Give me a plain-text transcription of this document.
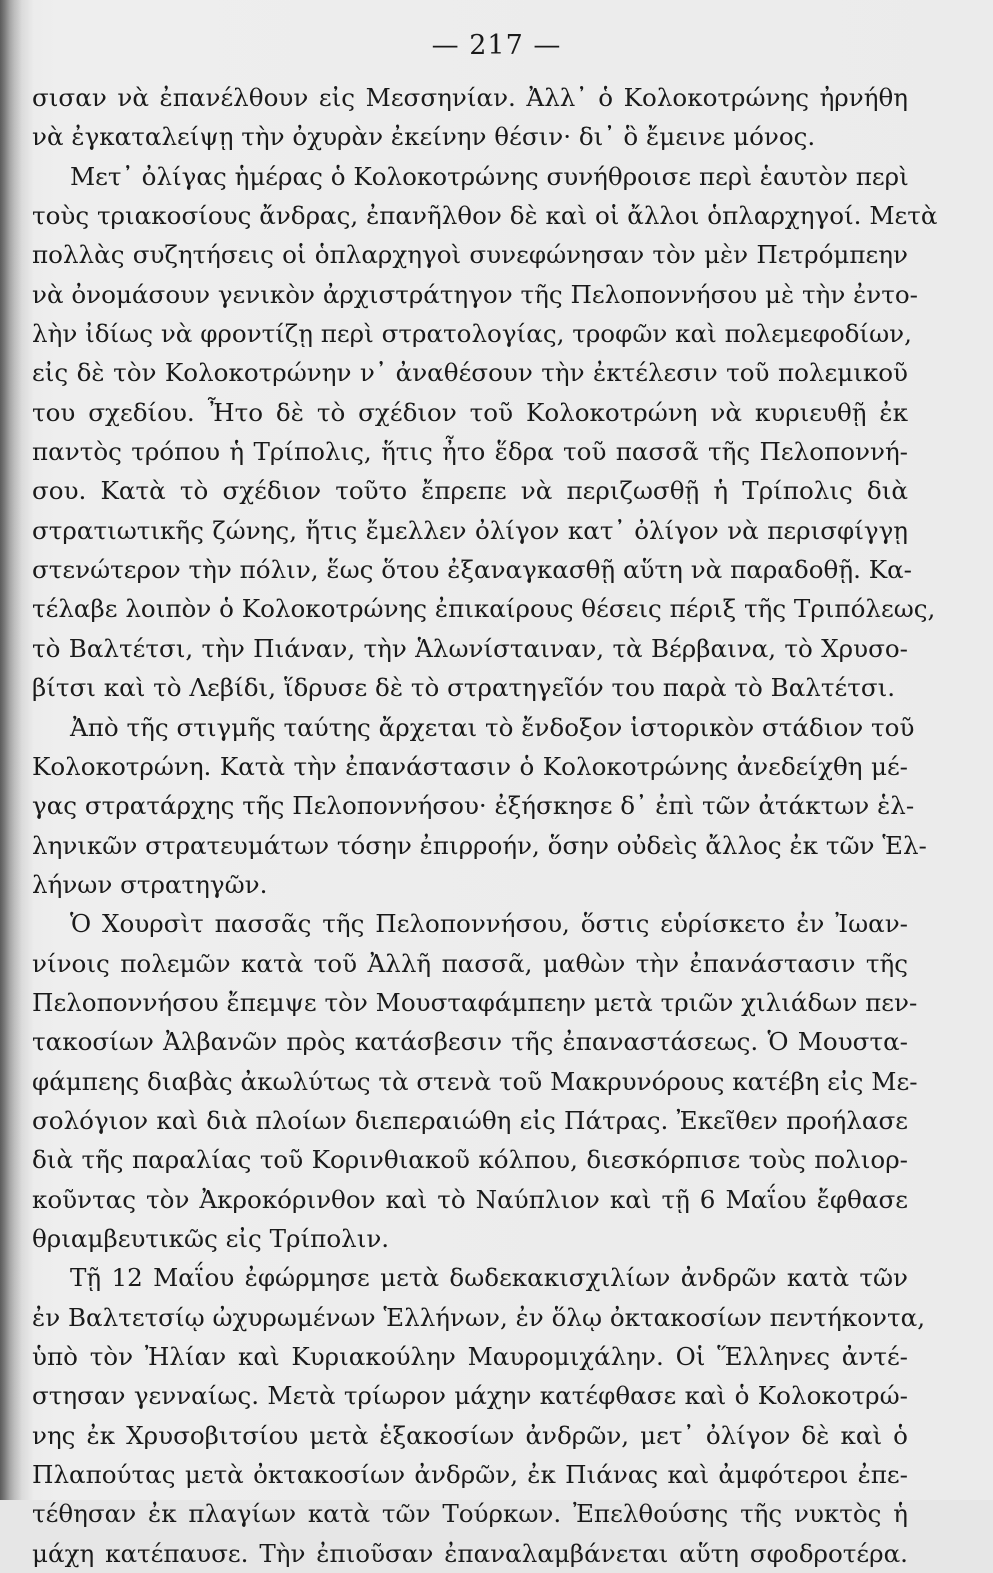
— 217 —
σισαν νὰ ἐπανέλθουν εἰς Μεσσηνίαν. Ἀλλ᾽ ὁ Κολοκοτρώνης ἠρνήθη
νὰ ἐγκαταλείψῃ τὴν ὀχυρὰν ἐκείνην θέσιν· δι᾽ ὃ ἔμεινε μόνος.
Μετ᾽ ὀλίγας ἡμέρας ὁ Κολοκοτρώνης συνήθροισε περὶ ἑαυτὸν περὶ
τοὺς τριακοσίους ἄνδρας, ἐπανῆλθον δὲ καὶ οἱ ἄλλοι ὁπλαρχηγοί. Μετὰ
πολλὰς συζητήσεις οἱ ὁπλαρχηγοὶ συνεφώνησαν τὸν μὲν Πετρόμπεην
νὰ ὀνομάσουν γενικὸν ἀρχιστράτηγον τῆς Πελοποννήσου μὲ τὴν ἐντο-
λὴν ἰδίως νὰ φροντίζῃ περὶ στρατολογίας, τροφῶν καὶ πολεμεφοδίων,
εἰς δὲ τὸν Κολοκοτρώνην ν᾽ ἀναθέσουν τὴν ἐκτέλεσιν τοῦ πολεμικοῦ
του σχεδίου. Ἦτο δὲ τὸ σχέδιον τοῦ Κολοκοτρώνη νὰ κυριευθῇ ἐκ
παντὸς τρόπου ἡ Τρίπολις, ἥτις ἦτο ἕδρα τοῦ πασσᾶ τῆς Πελοποννή-
σου. Κατὰ τὸ σχέδιον τοῦτο ἔπρεπε νὰ περιζωσθῇ ἡ Τρίπολις διὰ
στρατιωτικῆς ζώνης, ἥτις ἔμελλεν ὀλίγον κατ᾽ ὀλίγον νὰ περισφίγγῃ
στενώτερον τὴν πόλιν, ἕως ὅτου ἐξαναγκασθῇ αὕτη νὰ παραδοθῇ. Κα-
τέλαβε λοιπὸν ὁ Κολοκοτρώνης ἐπικαίρους θέσεις πέριξ τῆς Τριπόλεως,
τὸ Βαλτέτσι, τὴν Πιάναν, τὴν Ἁλωνίσταιναν, τὰ Βέρβαινα, τὸ Χρυσο-
βίτσι καὶ τὸ Λεβίδι, ἵδρυσε δὲ τὸ στρατηγεῖόν του παρὰ τὸ Βαλτέτσι.
Ἀπὸ τῆς στιγμῆς ταύτης ἄρχεται τὸ ἔνδοξον ἱστορικὸν στάδιον τοῦ
Κολοκοτρώνη. Κατὰ τὴν ἐπανάστασιν ὁ Κολοκοτρώνης ἀνεδείχθη μέ-
γας στρατάρχης τῆς Πελοποννήσου· ἐξήσκησε δ᾽ ἐπὶ τῶν ἀτάκτων ἑλ-
ληνικῶν στρατευμάτων τόσην ἐπιρροήν, ὅσην οὐδεὶς ἄλλος ἐκ τῶν Ἑλ-
λήνων στρατηγῶν.
Ὁ Χουρσὶτ πασσᾶς τῆς Πελοποννήσου, ὅστις εὑρίσκετο ἐν Ἰωαν-
νίνοις πολεμῶν κατὰ τοῦ Ἀλλῆ πασσᾶ, μαθὼν τὴν ἐπανάστασιν τῆς
Πελοποννήσου ἔπεμψε τὸν Μουσταφάμπεην μετὰ τριῶν χιλιάδων πεν-
τακοσίων Ἀλβανῶν πρὸς κατάσβεσιν τῆς ἐπαναστάσεως. Ὁ Μουστα-
φάμπεης διαβὰς ἀκωλύτως τὰ στενὰ τοῦ Μακρυνόρους κατέβη εἰς Με-
σολόγιον καὶ διὰ πλοίων διεπεραιώθη εἰς Πάτρας. Ἐκεῖθεν προήλασε
διὰ τῆς παραλίας τοῦ Κορινθιακοῦ κόλπου, διεσκόρπισε τοὺς πολιορ-
κοῦντας τὸν Ἀκροκόρινθον καὶ τὸ Ναύπλιον καὶ τῇ 6 Μαΐου ἔφθασε
θριαμβευτικῶς εἰς Τρίπολιν.
Τῇ 12 Μαΐου ἐφώρμησε μετὰ δωδεκακισχιλίων ἀνδρῶν κατὰ τῶν
ἐν Βαλτετσίῳ ὠχυρωμένων Ἑλλήνων, ἐν ὅλῳ ὀκτακοσίων πεντήκοντα,
ὑπὸ τὸν Ἠλίαν καὶ Κυριακούλην Μαυρομιχάλην. Οἱ Ἕλληνες ἀντέ-
στησαν γενναίως. Μετὰ τρίωρον μάχην κατέφθασε καὶ ὁ Κολοκοτρώ-
νης ἐκ Χρυσοβιτσίου μετὰ ἑξακοσίων ἀνδρῶν, μετ᾽ ὀλίγον δὲ καὶ ὁ
Πλαπούτας μετὰ ὀκτακοσίων ἀνδρῶν, ἐκ Πιάνας καὶ ἀμφότεροι ἐπε-
τέθησαν ἐκ πλαγίων κατὰ τῶν Τούρκων. Ἐπελθούσης τῆς νυκτὸς ἡ
μάχη κατέπαυσε. Τὴν ἐπιοῦσαν ἐπαναλαμβάνεται αὕτη σφοδροτέρα.
